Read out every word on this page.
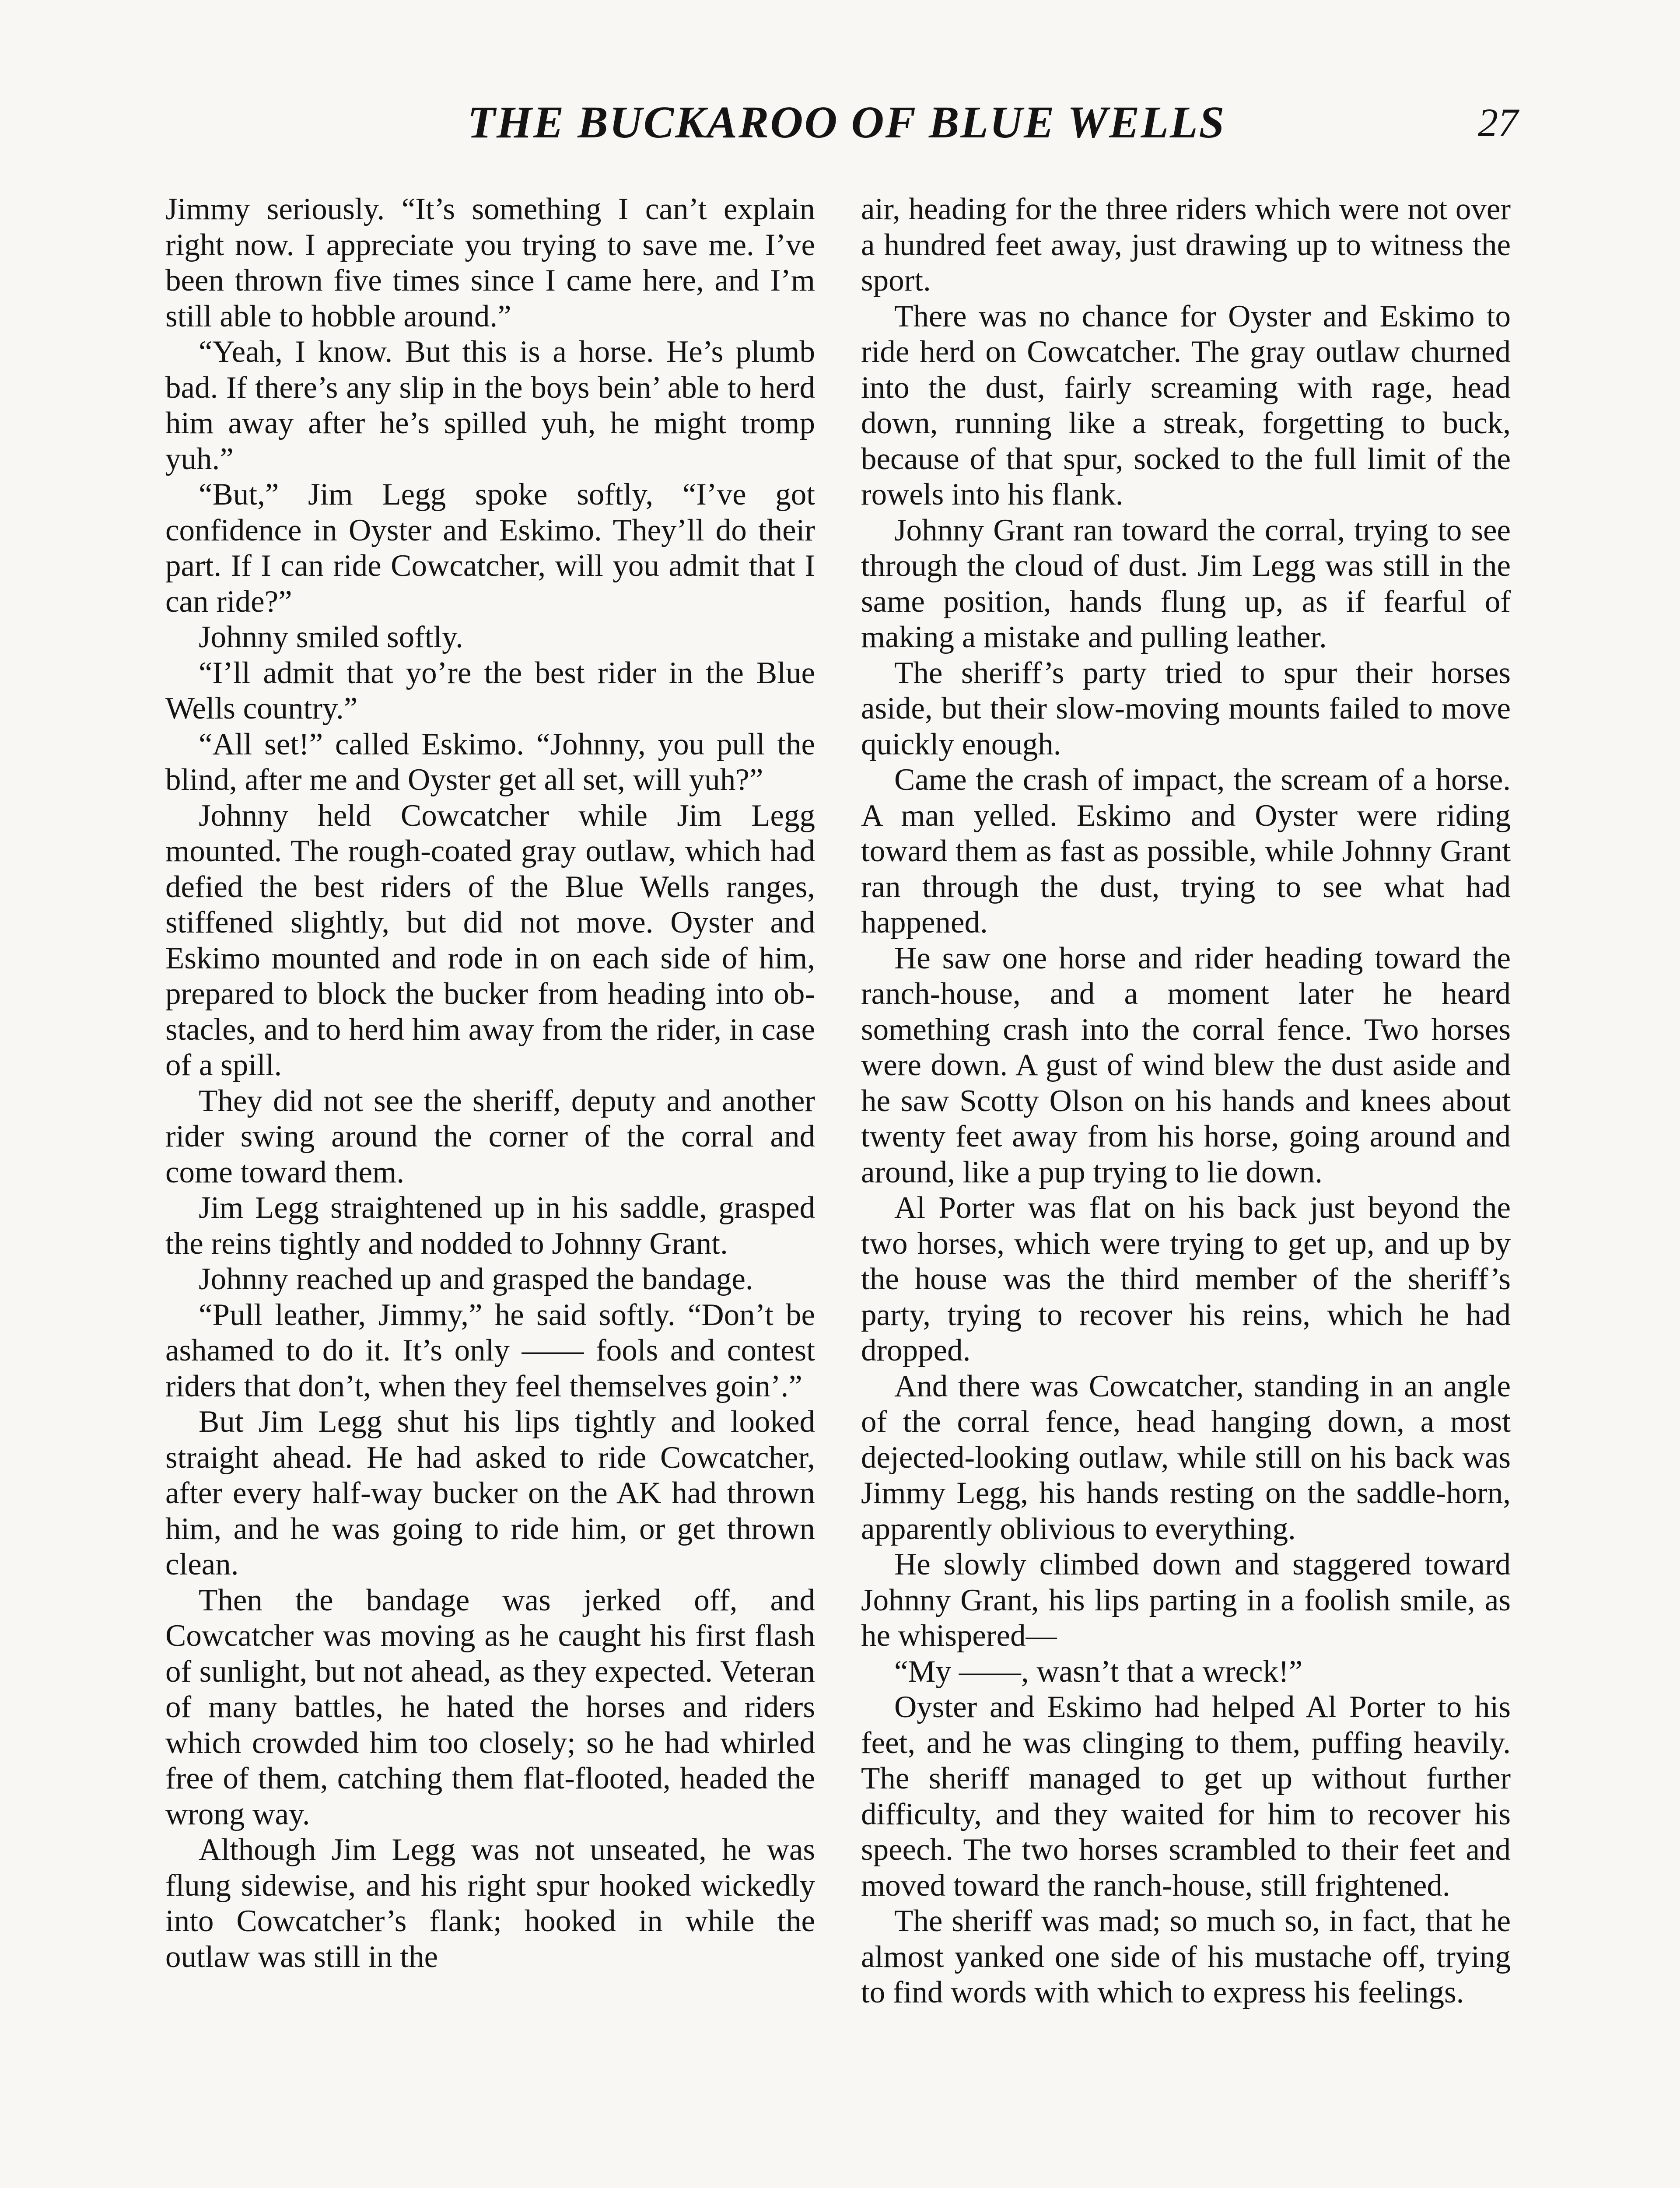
THE BUCKAROO OF BLUE WELLS	27

Jimmy seriously. “It’s something I can’t explain right now. I appreciate you trying to save me. I’ve been thrown five times since I came here, and I’m still able to hobble around.”

“Yeah, I know. But this is a horse. He’s plumb bad. If there’s any slip in the boys bein’ able to herd him away after he’s spilled yuh, he might tromp yuh.”

“But,” Jim Legg spoke softly, “I’ve got confidence in Oyster and Eskimo. They’ll do their part. If I can ride Cowcatcher, will you admit that I can ride?”

Johnny smiled softly.

“I’ll admit that yo’re the best rider in the Blue Wells country.”

“All set!” called Eskimo. “Johnny, you pull the blind, after me and Oyster get all set, will yuh?”

Johnny held Cowcatcher while Jim Legg mounted. The rough-coated gray outlaw, which had defied the best riders of the Blue Wells ranges, stiffened slightly, but did not move. Oyster and Eskimo mounted and rode in on each side of him, prepared to block the bucker from heading into obstacles, and to herd him away from the rider, in case of a spill.

They did not see the sheriff, deputy and another rider swing around the corner of the corral and come toward them.

Jim Legg straightened up in his saddle, grasped the reins tightly and nodded to Johnny Grant.

Johnny reached up and grasped the bandage.

“Pull leather, Jimmy,” he said softly. “Don’t be ashamed to do it. It’s only —— fools and contest riders that don’t, when they feel themselves goin’.”

But Jim Legg shut his lips tightly and looked straight ahead. He had asked to ride Cowcatcher, after every half-way bucker on the AK had thrown him, and he was going to ride him, or get thrown clean.

Then the bandage was jerked off, and Cowcatcher was moving as he caught his first flash of sunlight, but not ahead, as they expected. Veteran of many battles, he hated the horses and riders which crowded him too closely; so he had whirled free of them, catching them flat-flooted, headed the wrong way.

Although Jim Legg was not unseated, he was flung sidewise, and his right spur hooked wickedly into Cowcatcher’s flank; hooked in while the outlaw was still in the

air, heading for the three riders which were not over a hundred feet away, just drawing up to witness the sport.

There was no chance for Oyster and Eskimo to ride herd on Cowcatcher. The gray outlaw churned into the dust, fairly screaming with rage, head down, running like a streak, forgetting to buck, because of that spur, socked to the full limit of the rowels into his flank.

Johnny Grant ran toward the corral, trying to see through the cloud of dust. Jim Legg was still in the same position, hands flung up, as if fearful of making a mistake and pulling leather.

The sheriff’s party tried to spur their horses aside, but their slow-moving mounts failed to move quickly enough.

Came the crash of impact, the scream of a horse. A man yelled. Eskimo and Oyster were riding toward them as fast as possible, while Johnny Grant ran through the dust, trying to see what had happened.

He saw one horse and rider heading toward the ranch-house, and a moment later he heard something crash into the corral fence. Two horses were down. A gust of wind blew the dust aside and he saw Scotty Olson on his hands and knees about twenty feet away from his horse, going around and around, like a pup trying to lie down.

Al Porter was flat on his back just beyond the two horses, which were trying to get up, and up by the house was the third member of the sheriff’s party, trying to recover his reins, which he had dropped.

And there was Cowcatcher, standing in an angle of the corral fence, head hanging down, a most dejected-looking outlaw, while still on his back was Jimmy Legg, his hands resting on the saddle-horn, apparently oblivious to everything.

He slowly climbed down and staggered toward Johnny Grant, his lips parting in a foolish smile, as he whispered—

“My ——, wasn’t that a wreck!”

Oyster and Eskimo had helped Al Porter to his feet, and he was clinging to them, puffing heavily. The sheriff managed to get up without further difficulty, and they waited for him to recover his speech. The two horses scrambled to their feet and moved toward the ranch-house, still frightened.

The sheriff was mad; so much so, in fact, that he almost yanked one side of his mustache off, trying to find words with which to express his feelings.
